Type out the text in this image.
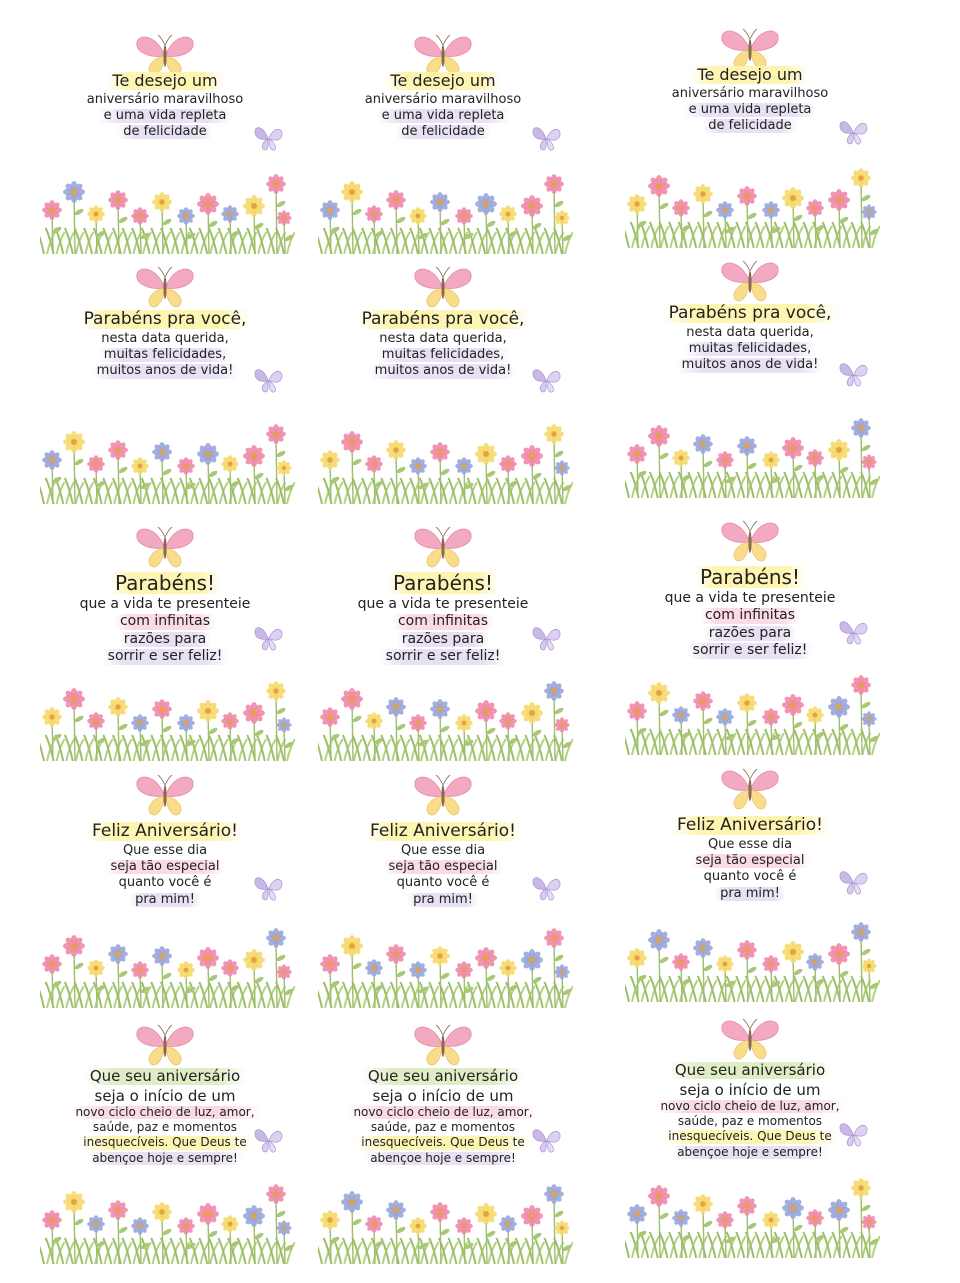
Te desejo um
aniversário maravilhoso
e uma vida repleta
de felicidade
Te desejo um
aniversário maravilhoso
e uma vida repleta
de felicidade
Te desejo um
aniversário maravilhoso
e uma vida repleta
de felicidade
Parabéns pra você,
nesta data querida,
muitas felicidades,
muitos anos de vida!
Parabéns pra você,
nesta data querida,
muitas felicidades,
muitos anos de vida!
Parabéns pra você,
nesta data querida,
muitas felicidades,
muitos anos de vida!
Parabéns!
que a vida te presenteie
com infinitas
razões para
sorrir e ser feliz!
Parabéns!
que a vida te presenteie
com infinitas
razões para
sorrir e ser feliz!
Parabéns!
que a vida te presenteie
com infinitas
razões para
sorrir e ser feliz!
Feliz Aniversário!
Que esse dia
seja tão especial
quanto você é
pra mim!
Feliz Aniversário!
Que esse dia
seja tão especial
quanto você é
pra mim!
Feliz Aniversário!
Que esse dia
seja tão especial
quanto você é
pra mim!
Que seu aniversário
seja o início de um
novo ciclo cheio de luz, amor,
saúde, paz e momentos
inesquecíveis. Que Deus te
abençoe hoje e sempre!
Que seu aniversário
seja o início de um
novo ciclo cheio de luz, amor,
saúde, paz e momentos
inesquecíveis. Que Deus te
abençoe hoje e sempre!
Que seu aniversário
seja o início de um
novo ciclo cheio de luz, amor,
saúde, paz e momentos
inesquecíveis. Que Deus te
abençoe hoje e sempre!
